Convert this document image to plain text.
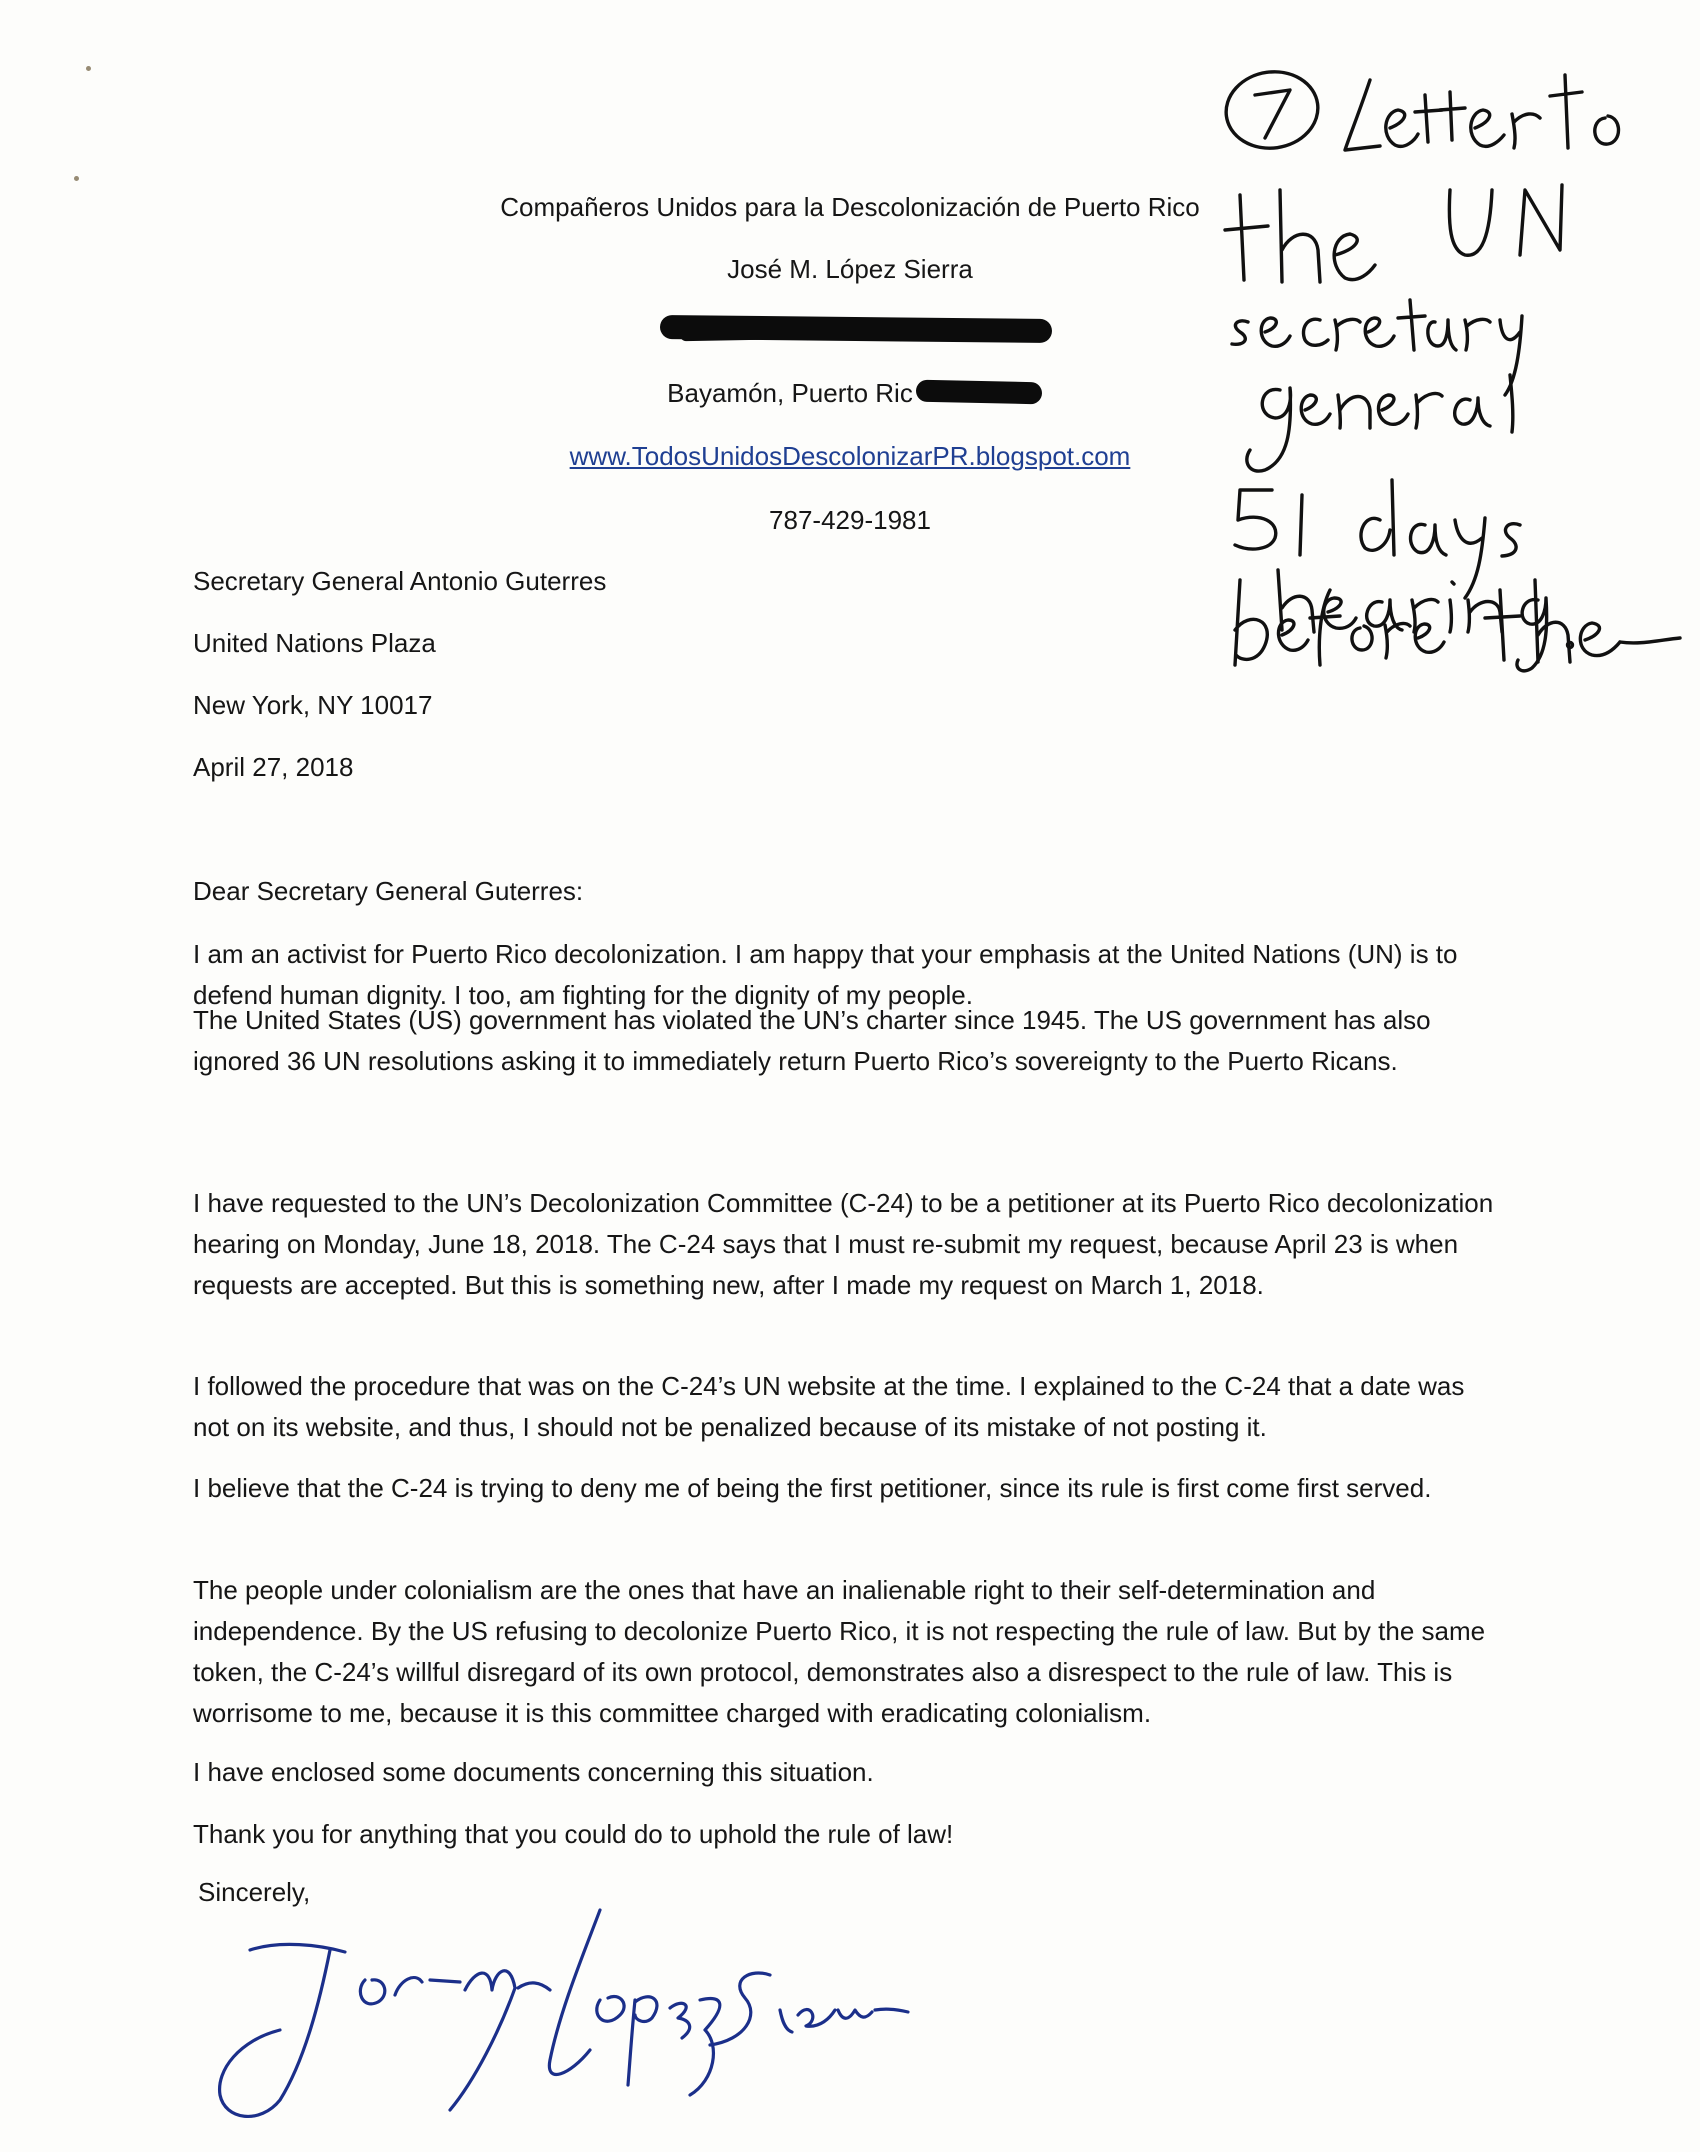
Compañeros Unidos para la Descolonización de Puerto Rico
José M. López Sierra
Bayamón, Puerto Ric
www.TodosUnidosDescolonizarPR.blogspot.com
787-429-1981
Secretary General Antonio Guterres
United Nations Plaza
New York, NY 10017
April 27, 2018
Dear Secretary General Guterres:

I am an activist for Puerto Rico decolonization. I am happy that your emphasis at the United Nations (UN) is to defend human dignity. I too, am fighting for the dignity of my people.

The United States (US) government has violated the UN’s charter since 1945. The US government has also ignored 36 UN resolutions asking it to immediately return Puerto Rico’s sovereignty to the Puerto Ricans.

I have requested to the UN’s Decolonization Committee (C-24) to be a petitioner at its Puerto Rico decolonization hearing on Monday, June 18, 2018. The C-24 says that I must re-submit my request, because April 23 is when requests are accepted. But this is something new, after I made my request on March 1, 2018.

I followed the procedure that was on the C-24’s UN website at the time. I explained to the C-24 that a date was not on its website, and thus, I should not be penalized because of its mistake of not posting it.

I believe that the C-24 is trying to deny me of being the first petitioner, since its rule is first come first served.

The people under colonialism are the ones that have an inalienable right to their self-determination and independence. By the US refusing to decolonize Puerto Rico, it is not respecting the rule of law. But by the same token, the C-24’s willful disregard of its own protocol, demonstrates also a disrespect to the rule of law. This is worrisome to me, because it is this committee charged with eradicating colonialism.

I have enclosed some documents concerning this situation.

Thank you for anything that you could do to uphold the rule of law!

Sincerely,
